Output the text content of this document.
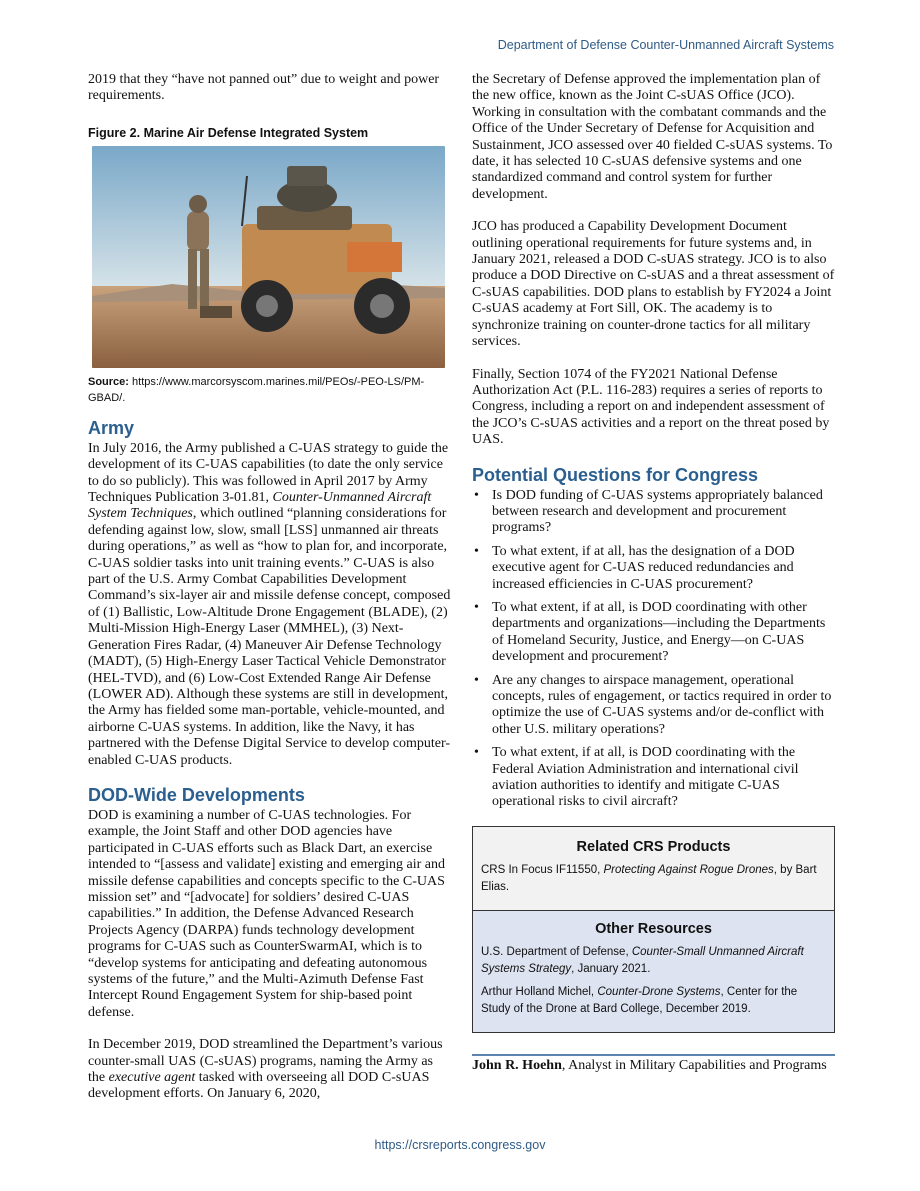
Department of Defense Counter-Unmanned Aircraft Systems

2019 that they “have not panned out” due to weight and power requirements.

Figure 2. Marine Air Defense Integrated System
Source: https://www.marcorsyscom.marines.mil/PEOs/-PEO-LS/PM-GBAD/.
Army

In July 2016, the Army published a C-UAS strategy to guide the development of its C-UAS capabilities (to date the only service to do so publicly). This was followed in April 2017 by Army Techniques Publication 3-01.81, Counter-Unmanned Aircraft System Techniques, which outlined “planning considerations for defending against low, slow, small [LSS] unmanned air threats during operations,” as well as “how to plan for, and incorporate, C-UAS soldier tasks into unit training events.” C-UAS is also part of the U.S. Army Combat Capabilities Development Command’s six-layer air and missile defense concept, composed of (1) Ballistic, Low-Altitude Drone Engagement (BLADE), (2) Multi-Mission High-Energy Laser (MMHEL), (3) Next-Generation Fires Radar, (4) Maneuver Air Defense Technology (MADT), (5) High-Energy Laser Tactical Vehicle Demonstrator (HEL-TVD), and (6) Low-Cost Extended Range Air Defense (LOWER AD). Although these systems are still in development, the Army has fielded some man-portable, vehicle-mounted, and airborne C-UAS systems. In addition, like the Navy, it has partnered with the Defense Digital Service to develop computer-enabled C-UAS products.

DOD-Wide Developments

DOD is examining a number of C-UAS technologies. For example, the Joint Staff and other DOD agencies have participated in C-UAS efforts such as Black Dart, an exercise intended to “[assess and validate] existing and emerging air and missile defense capabilities and concepts specific to the C-UAS mission set” and “[advocate] for soldiers’ desired C-UAS capabilities.” In addition, the Defense Advanced Research Projects Agency (DARPA) funds technology development programs for C-UAS such as CounterSwarmAI, which is to “develop systems for anticipating and defeating autonomous systems of the future,” and the Multi-Azimuth Defense Fast Intercept Round Engagement System for ship-based point defense.

In December 2019, DOD streamlined the Department’s various counter-small UAS (C-sUAS) programs, naming the Army as the executive agent tasked with overseeing all DOD C-sUAS development efforts. On January 6, 2020,

the Secretary of Defense approved the implementation plan of the new office, known as the Joint C-sUAS Office (JCO). Working in consultation with the combatant commands and the Office of the Under Secretary of Defense for Acquisition and Sustainment, JCO assessed over 40 fielded C-sUAS systems. To date, it has selected 10 C-sUAS defensive systems and one standardized command and control system for further development.

JCO has produced a Capability Development Document outlining operational requirements for future systems and, in January 2021, released a DOD C-sUAS strategy. JCO is to also produce a DOD Directive on C-sUAS and a threat assessment of C-sUAS capabilities. DOD plans to establish by FY2024 a Joint C-sUAS academy at Fort Sill, OK. The academy is to synchronize training on counter-drone tactics for all military services.

Finally, Section 1074 of the FY2021 National Defense Authorization Act (P.L. 116-283) requires a series of reports to Congress, including a report on and independent assessment of the JCO’s C-sUAS activities and a report on the threat posed by UAS.

Potential Questions for Congress
• Is DOD funding of C-UAS systems appropriately balanced between research and development and procurement programs?
• To what extent, if at all, has the designation of a DOD executive agent for C-UAS reduced redundancies and increased efficiencies in C-UAS procurement?
• To what extent, if at all, is DOD coordinating with other departments and organizations—including the Departments of Homeland Security, Justice, and Energy—on C-UAS development and procurement?
• Are any changes to airspace management, operational concepts, rules of engagement, or tactics required in order to optimize the use of C-UAS systems and/or de-conflict with other U.S. military operations?
• To what extent, if at all, is DOD coordinating with the Federal Aviation Administration and international civil aviation authorities to identify and mitigate C-UAS operational risks to civil aircraft?
Related CRS Products

CRS In Focus IF11550, Protecting Against Rogue Drones, by Bart Elias.

Other Resources

U.S. Department of Defense, Counter-Small Unmanned Aircraft Systems Strategy, January 2021.

Arthur Holland Michel, Counter-Drone Systems, Center for the Study of the Drone at Bard College, December 2019.

John R. Hoehn, Analyst in Military Capabilities and Programs
https://crsreports.congress.gov
